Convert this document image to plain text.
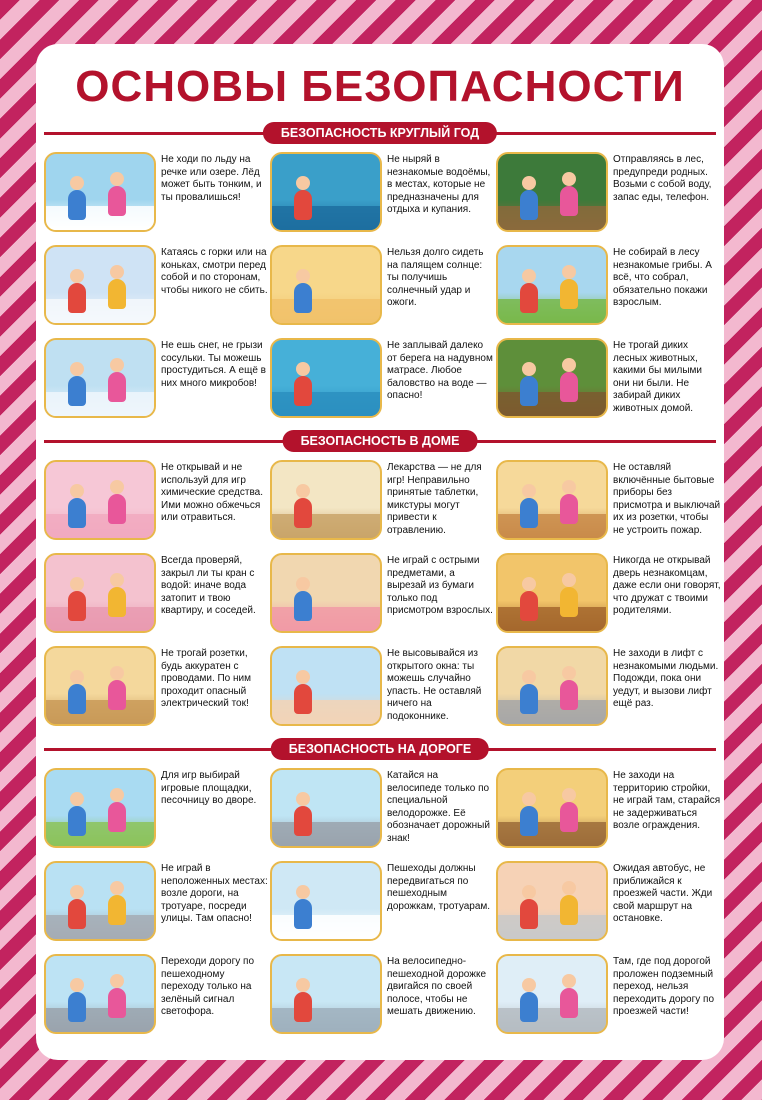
ОСНОВЫ БЕЗОПАСНОСТИ
БЕЗОПАСНОСТЬ КРУГЛЫЙ ГОД
БЕЗОПАСНОСТЬ В ДОМЕ
БЕЗОПАСНОСТЬ НА ДОРОГЕ
Не ходи по льду на речке или озере. Лёд может быть тонким, и ты провалишься!
Не ныряй в незнакомые водоёмы, в местах, которые не предназначены для отдыха и купания.
Отправляясь в лес, предупреди родных. Возьми с собой воду, запас еды, телефон.
Катаясь с горки или на коньках, смотри перед собой и по сторонам, чтобы никого не сбить.
Нельзя долго сидеть на палящем солнце: ты получишь солнечный удар и ожоги.
Не собирай в лесу незнакомые грибы. А всё, что собрал, обязательно покажи взрослым.
Не ешь снег, не грызи сосульки. Ты можешь простудиться. А ещё в них много микробов!
Не заплывай далеко от берега на надувном матрасе. Любое баловство на воде — опасно!
Не трогай диких лесных животных, какими бы милыми они ни были. Не забирай диких животных домой.
Не открывай и не используй для игр химические средства. Ими можно обжечься или отравиться.
Лекарства — не для игр! Неправильно принятые таблетки, микстуры могут привести к отравлению.
Не оставляй включённые бытовые приборы без присмотра и выключай их из розетки, чтобы не устроить пожар.
Всегда проверяй, закрыл ли ты кран с водой: иначе вода затопит и твою квартиру, и соседей.
Не играй с острыми предметами, а вырезай из бумаги только под присмотром взрослых.
Никогда не открывай дверь незнакомцам, даже если они говорят, что дружат с твоими родителями.
Не трогай розетки, будь аккуратен с проводами. По ним проходит опасный электрический ток!
Не высовывайся из открытого окна: ты можешь случайно упасть. Не оставляй ничего на подоконнике.
Не заходи в лифт с незнакомыми людьми. Подожди, пока они уедут, и вызови лифт ещё раз.
Для игр выбирай игровые площадки, песочницу во дворе.
Катайся на велосипеде только по специальной велодорожке. Её обозначает дорожный знак!
Не заходи на территорию стройки, не играй там, старайся не задерживаться возле ограждения.
Не играй в неположенных местах: возле дороги, на тротуаре, посреди улицы. Там опасно!
Пешеходы должны передвигаться по пешеходным дорожкам, тротуарам.
Ожидая автобус, не приближайся к проезжей части. Жди свой маршрут на остановке.
Переходи дорогу по пешеходному переходу только на зелёный сигнал светофора.
На велосипедно-пешеходной дорожке двигайся по своей полосе, чтобы не мешать движению.
Там, где под дорогой проложен подземный переход, нельзя переходить дорогу по проезжей части!
